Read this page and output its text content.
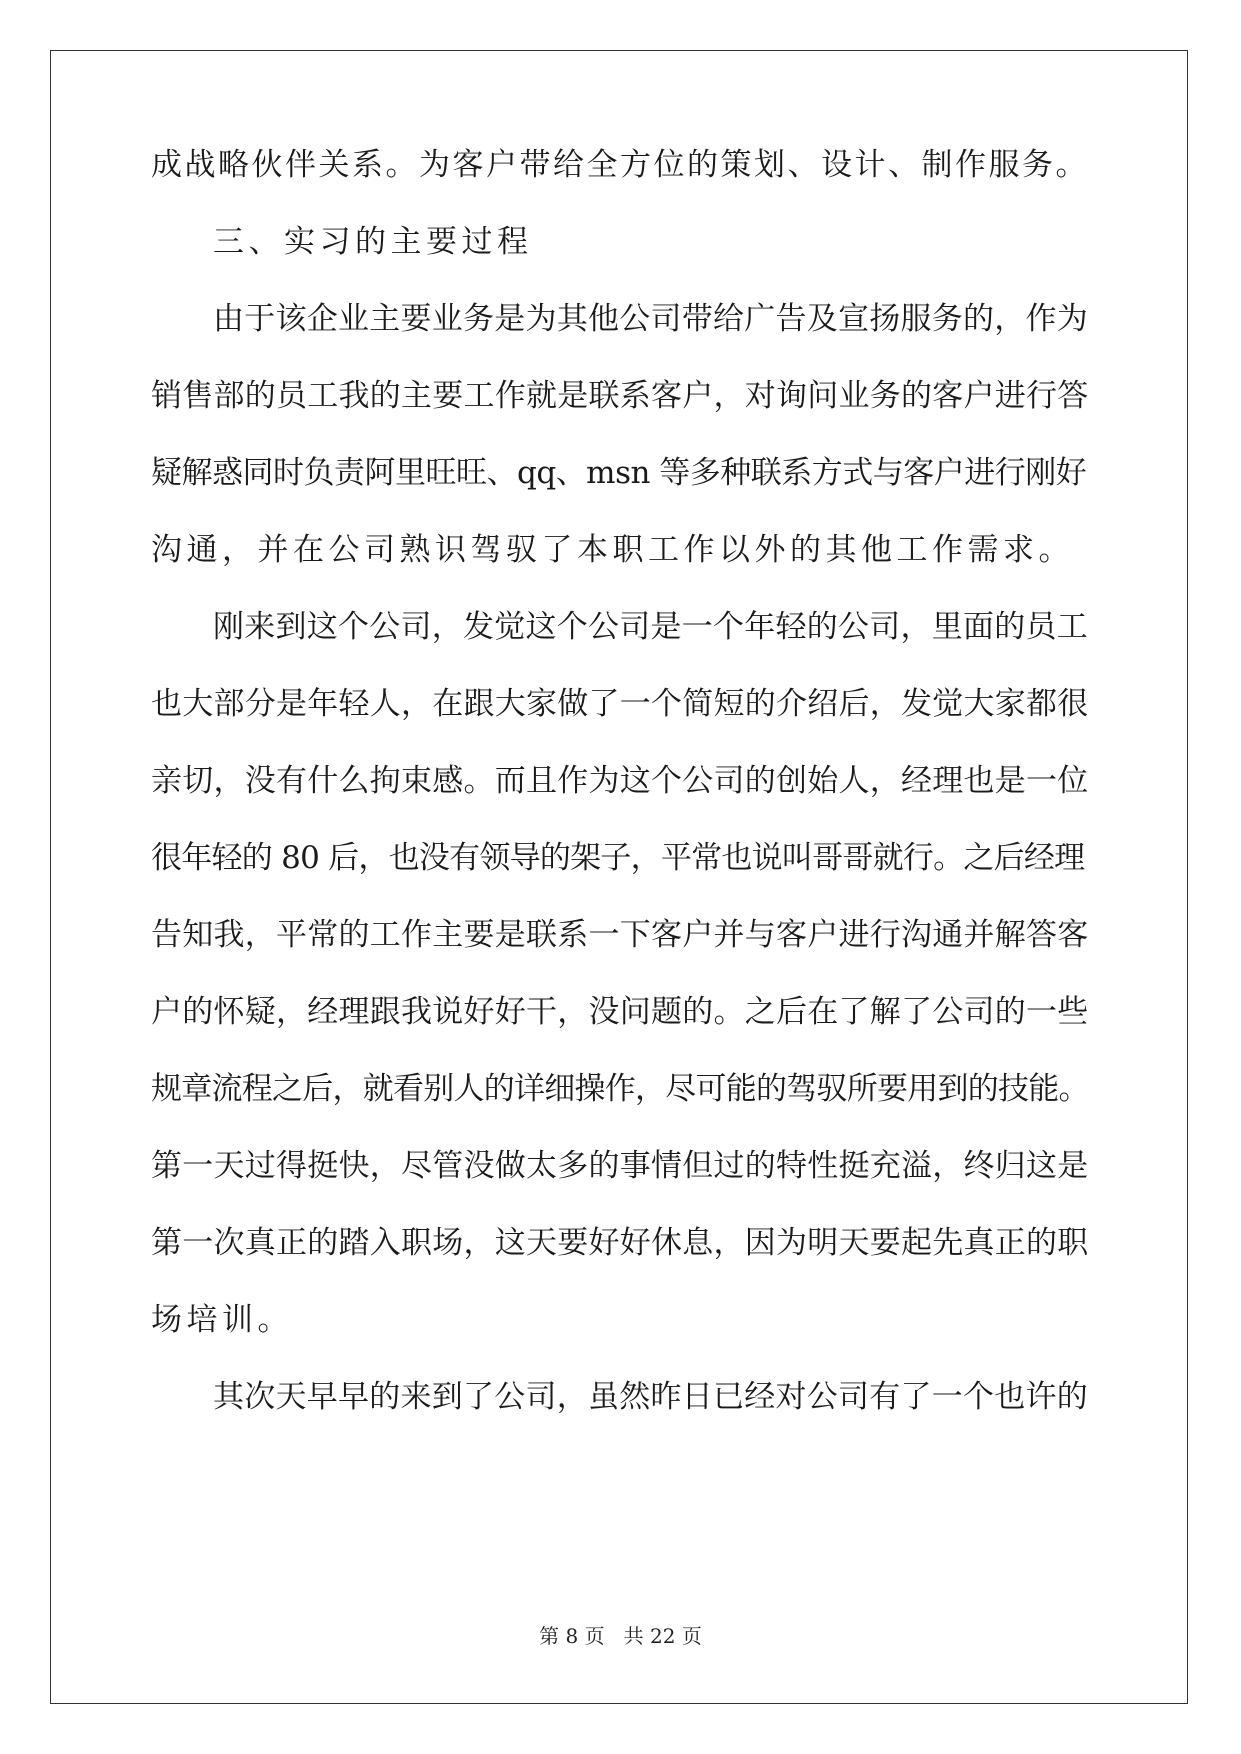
成战略伙伴关系。为客户带给全方位的策划、设计、制作服务。
三、实习的主要过程
由于该企业主要业务是为其他公司带给广告及宣扬服务的，作为
销售部的员工我的主要工作就是联系客户，对询问业务的客户进行答
疑解惑同时负责阿里旺旺、qq、msn 等多种联系方式与客户进行刚好
沟通，并在公司熟识驾驭了本职工作以外的其他工作需求。
刚来到这个公司，发觉这个公司是一个年轻的公司，里面的员工
也大部分是年轻人，在跟大家做了一个简短的介绍后，发觉大家都很
亲切，没有什么拘束感。而且作为这个公司的创始人，经理也是一位
很年轻的 80 后，也没有领导的架子，平常也说叫哥哥就行。之后经理
告知我，平常的工作主要是联系一下客户并与客户进行沟通并解答客
户的怀疑，经理跟我说好好干，没问题的。之后在了解了公司的一些
规章流程之后，就看别人的详细操作，尽可能的驾驭所要用到的技能。
第一天过得挺快，尽管没做太多的事情但过的特性挺充溢，终归这是
第一次真正的踏入职场，这天要好好休息，因为明天要起先真正的职
场培训。
其次天早早的来到了公司，虽然昨日已经对公司有了一个也许的
第 8 页 共 22 页
